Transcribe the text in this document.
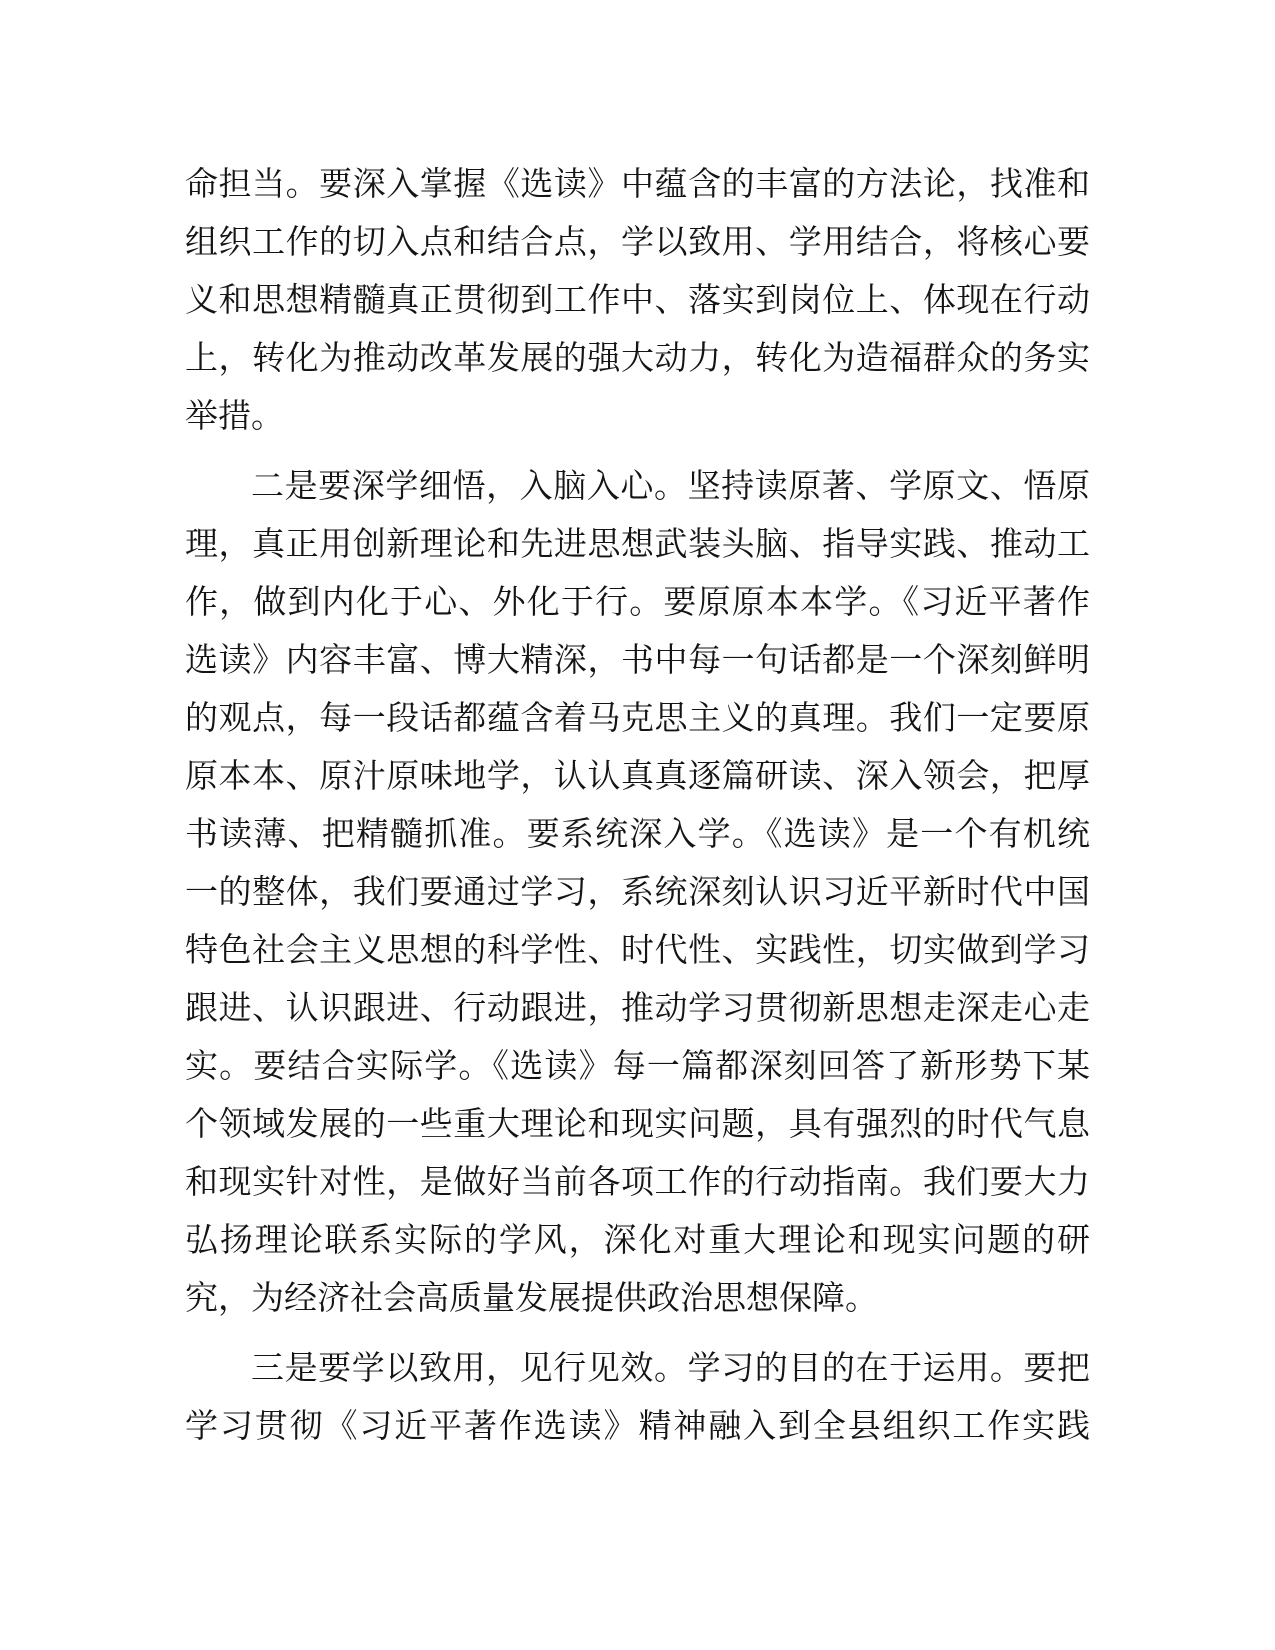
命担当。要深入掌握《选读》中蕴含的丰富的方法论，找准和
组织工作的切入点和结合点，学以致用、学用结合，将核心要
义和思想精髓真正贯彻到工作中、落实到岗位上、体现在行动
上，转化为推动改革发展的强大动力，转化为造福群众的务实
举措。
二是要深学细悟，入脑入心。坚持读原著、学原文、悟原
理，真正用创新理论和先进思想武装头脑、指导实践、推动工
作，做到内化于心、外化于行。要原原本本学。《习近平著作
选读》内容丰富、博大精深，书中每一句话都是一个深刻鲜明
的观点，每一段话都蕴含着马克思主义的真理。我们一定要原
原本本、原汁原味地学，认认真真逐篇研读、深入领会，把厚
书读薄、把精髓抓准。要系统深入学。《选读》是一个有机统
一的整体，我们要通过学习，系统深刻认识习近平新时代中国
特色社会主义思想的科学性、时代性、实践性，切实做到学习
跟进、认识跟进、行动跟进，推动学习贯彻新思想走深走心走
实。要结合实际学。《选读》每一篇都深刻回答了新形势下某
个领域发展的一些重大理论和现实问题，具有强烈的时代气息
和现实针对性，是做好当前各项工作的行动指南。我们要大力
弘扬理论联系实际的学风，深化对重大理论和现实问题的研
究，为经济社会高质量发展提供政治思想保障。
三是要学以致用，见行见效。学习的目的在于运用。要把
学习贯彻《习近平著作选读》精神融入到全县组织工作实践
